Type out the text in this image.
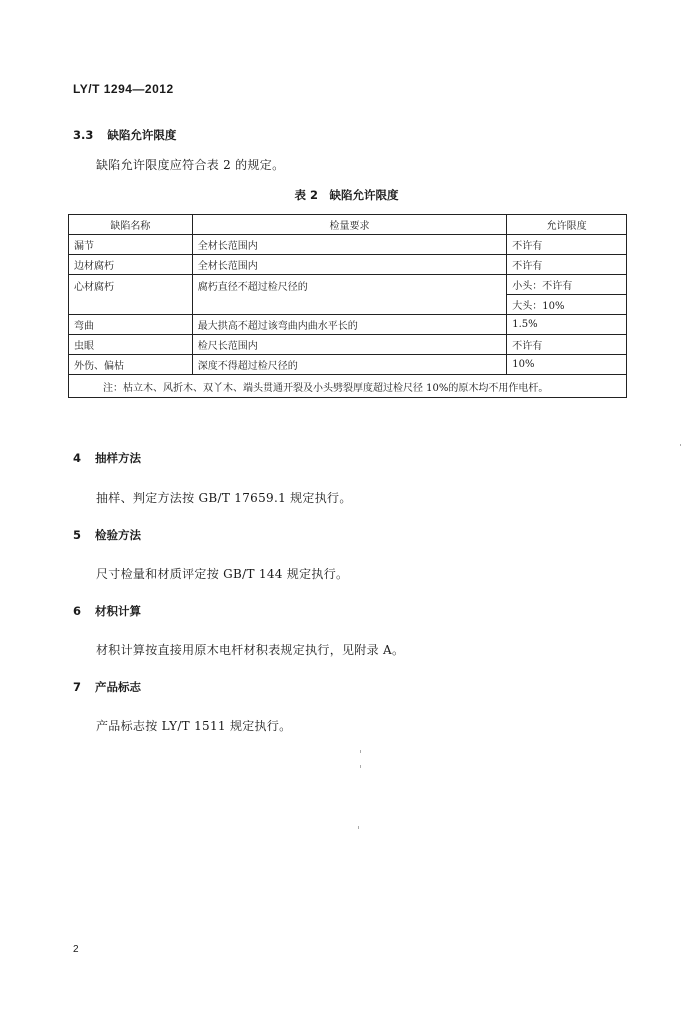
LY/T 1294—2012
3.3 缺陷允许限度
缺陷允许限度应符合表 2 的规定。
表 2　缺陷允许限度
缺陷名称	检量要求	允许限度
漏节	全材长范围内	不许有
边材腐朽	全材长范围内	不许有
心材腐朽	腐朽直径不超过检尺径的	小头：不许有
		大头：10%
弯曲	最大拱高不超过该弯曲内曲水平长的	1.5%
虫眼	检尺长范围内	不许有
外伤、偏枯	深度不得超过检尺径的	10%
注：枯立木、风折木、双丫木、端头贯通开裂及小头劈裂厚度超过检尺径 10%的原木均不用作电杆。		
4 抽样方法
抽样、判定方法按 GB/T 17659.1 规定执行。
5 检验方法
尺寸检量和材质评定按 GB/T 144 规定执行。
6 材积计算
材积计算按直接用原木电杆材积表规定执行，见附录 A。
7 产品标志
产品标志按 LY/T 1511 规定执行。
2
